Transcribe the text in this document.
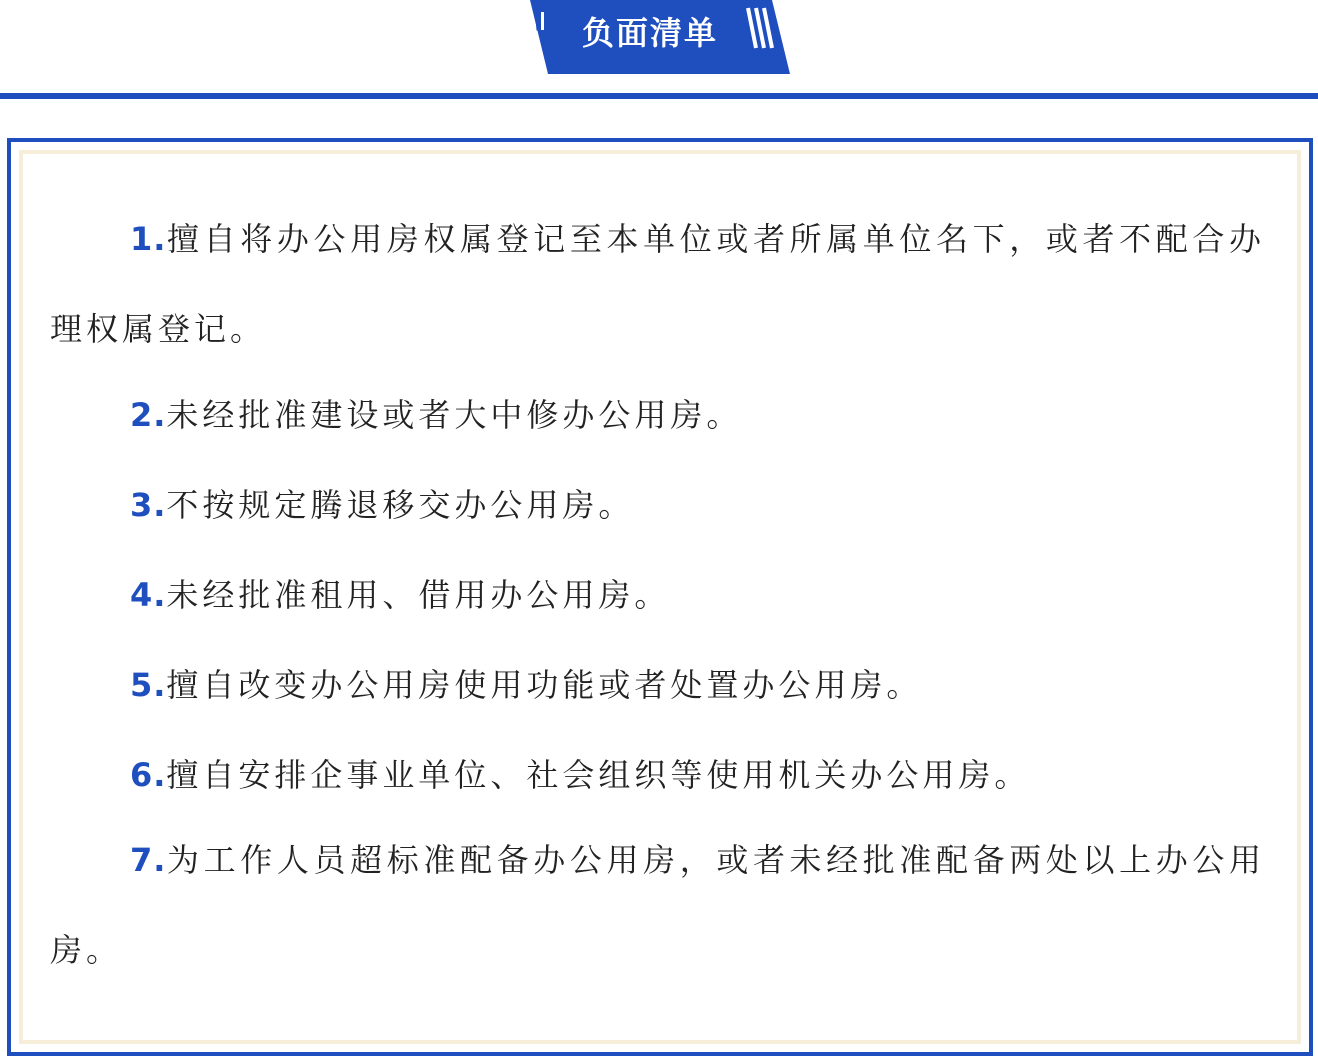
负面清单
1.擅自将办公用房权属登记至本单位或者所属单位名下，或者不配合办理权属登记。
2.未经批准建设或者大中修办公用房。
3.不按规定腾退移交办公用房。
4.未经批准租用、借用办公用房。
5.擅自改变办公用房使用功能或者处置办公用房。
6.擅自安排企事业单位、社会组织等使用机关办公用房。
7.为工作人员超标准配备办公用房，或者未经批准配备两处以上办公用房。
